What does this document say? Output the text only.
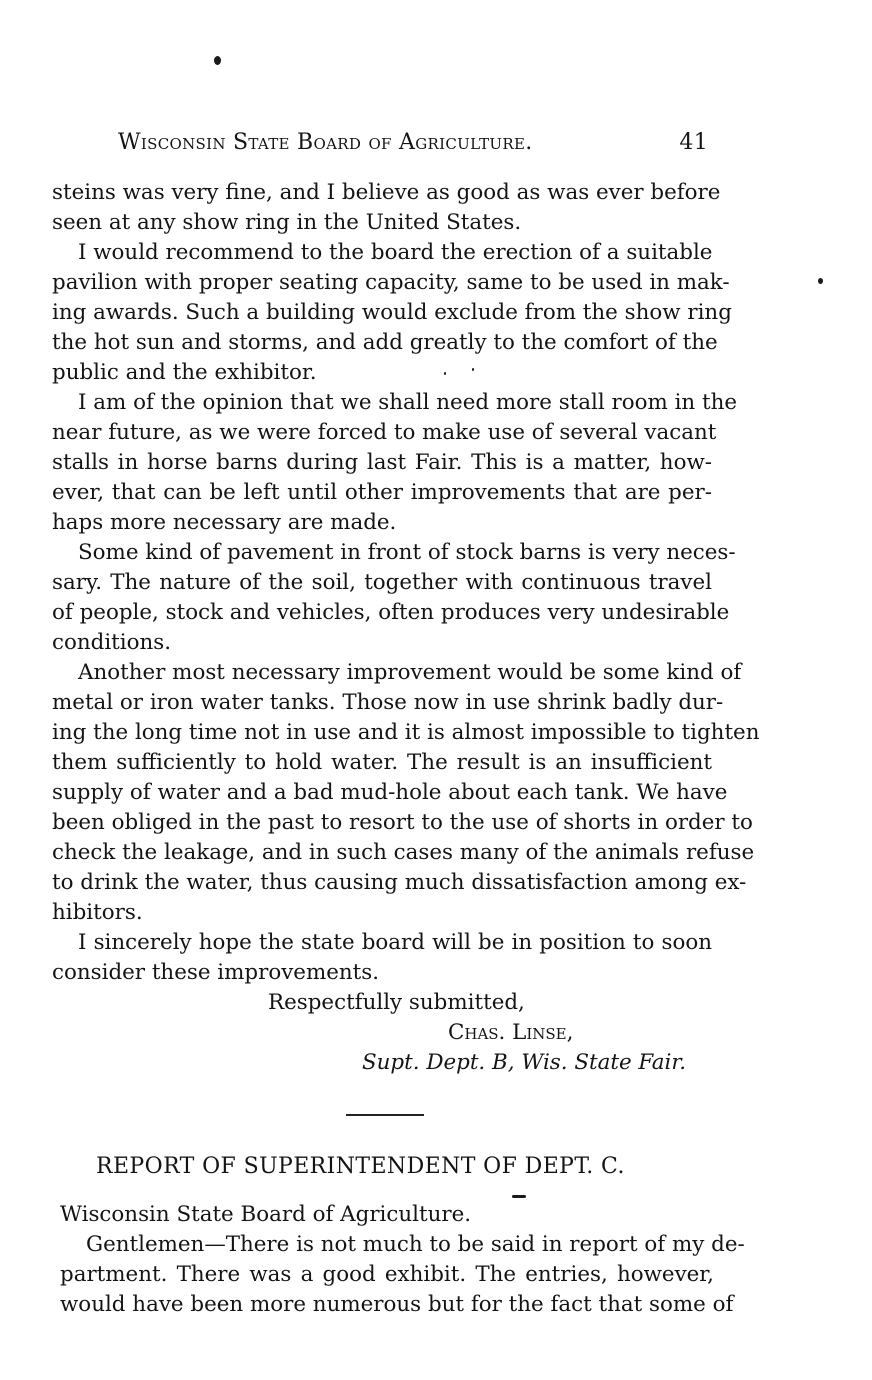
Wisconsin State Board of Agriculture.	41
steins was very fine, and I believe as good as was ever before
seen at any show ring in the United States.
I would recommend to the board the erection of a suitable
pavilion with proper seating capacity, same to be used in mak-
ing awards. Such a building would exclude from the show ring
the hot sun and storms, and add greatly to the comfort of the
public and the exhibitor.
I am of the opinion that we shall need more stall room in the
near future, as we were forced to make use of several vacant
stalls in horse barns during last Fair. This is a matter, how-
ever, that can be left until other improvements that are per-
haps more necessary are made.
Some kind of pavement in front of stock barns is very neces-
sary. The nature of the soil, together with continuous travel
of people, stock and vehicles, often produces very undesirable
conditions.
Another most necessary improvement would be some kind of
metal or iron water tanks. Those now in use shrink badly dur-
ing the long time not in use and it is almost impossible to tighten
them sufficiently to hold water. The result is an insufficient
supply of water and a bad mud-hole about each tank. We have
been obliged in the past to resort to the use of shorts in order to
check the leakage, and in such cases many of the animals refuse
to drink the water, thus causing much dissatisfaction among ex-
hibitors.
I sincerely hope the state board will be in position to soon
consider these improvements.
Respectfully submitted,
Chas. Linse,
Supt. Dept. B, Wis. State Fair.
REPORT OF SUPERINTENDENT OF DEPT. C.
Wisconsin State Board of Agriculture.
Gentlemen—There is not much to be said in report of my de-
partment. There was a good exhibit. The entries, however,
would have been more numerous but for the fact that some of
